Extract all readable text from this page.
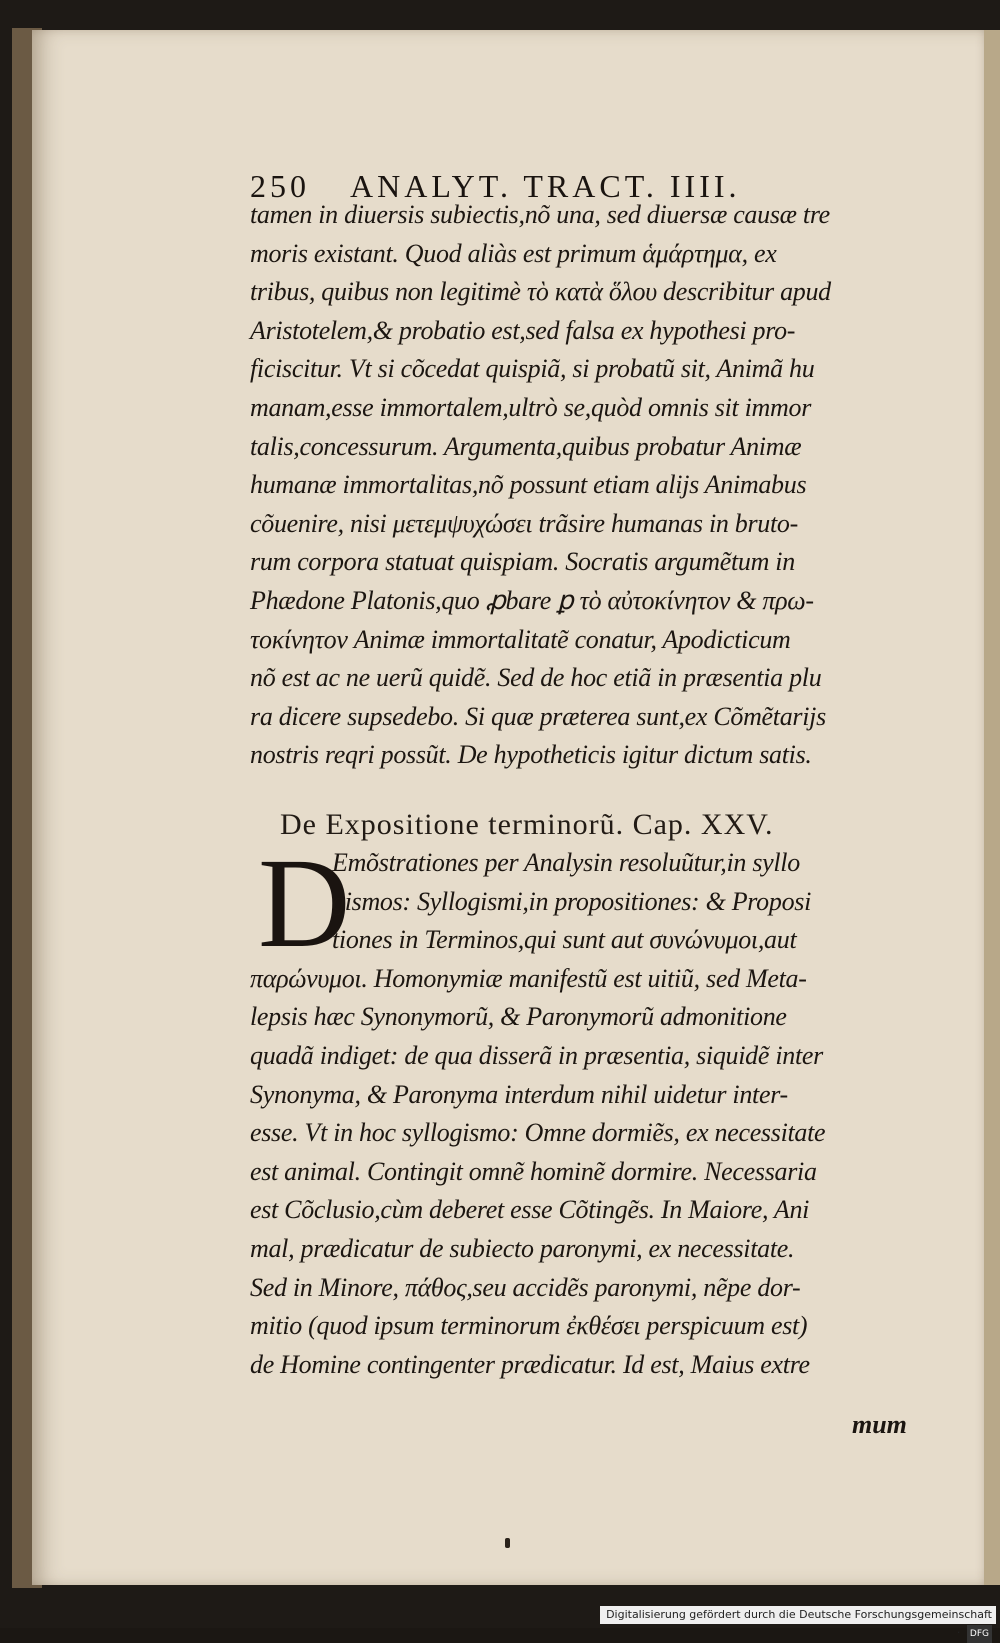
250 ANALYT. TRACT. IIII.
tamen in diuersis subiectis,nõ una, sed diuersæ causæ tre
moris existant. Quod aliàs est primum ἁμάρτημα, ex
tribus, quibus non legitimè τὸ κατὰ ὅλου describitur apud
Aristotelem,& probatio est,sed falsa ex hypothesi pro-
ficiscitur. Vt si cõcedat quispiã, si probatũ sit, Animã hu
manam,esse immortalem,ultrò se,quòd omnis sit immor
talis,concessurum. Argumenta,quibus probatur Animæ
humanæ immortalitas,nõ possunt etiam alijs Animabus
cõuenire, nisi μετεμψυχώσει trãsire humanas in bruto-
rum corpora statuat quispiam. Socratis argumẽtum in
Phædone Platonis,quo ꝓbare ꝑ τὸ αὐτοκίνητον & πρω-
τοκίνητον Animæ immortalitatẽ conatur, Apodicticum
nõ est ac ne uerũ quidẽ. Sed de hoc etiã in præsentia plu
ra dicere supsedebo. Si quæ præterea sunt,ex Cõmẽtarijs
nostris reqri possũt. De hypotheticis igitur dictum satis.
De Expositione terminorũ. Cap. XXV.
D
Emõstrationes per Analysin resoluũtur,in syllo
gismos: Syllogismi,in propositiones: & Proposi
tiones in Terminos,qui sunt aut συνώνυμοι,aut
παρώνυμοι. Homonymiæ manifestũ est uitiũ, sed Meta-
lepsis hæc Synonymorũ, & Paronymorũ admonitione
quadã indiget: de qua disserã in præsentia, siquidẽ inter
Synonyma, & Paronyma interdum nihil uidetur inter-
esse. Vt in hoc syllogismo: Omne dormiẽs, ex necessitate
est animal. Contingit omnẽ hominẽ dormire. Necessaria
est Cõclusio,cùm deberet esse Cõtingẽs. In Maiore, Ani
mal, prædicatur de subiecto paronymi, ex necessitate.
Sed in Minore, πάθος,seu accidẽs paronymi, nẽpe dor-
mitio (quod ipsum terminorum ἐκθέσει perspicuum est)
de Homine contingenter prædicatur. Id est, Maius extre
mum
Digitalisierung gefördert durch die Deutsche Forschungsgemeinschaft · DFG
